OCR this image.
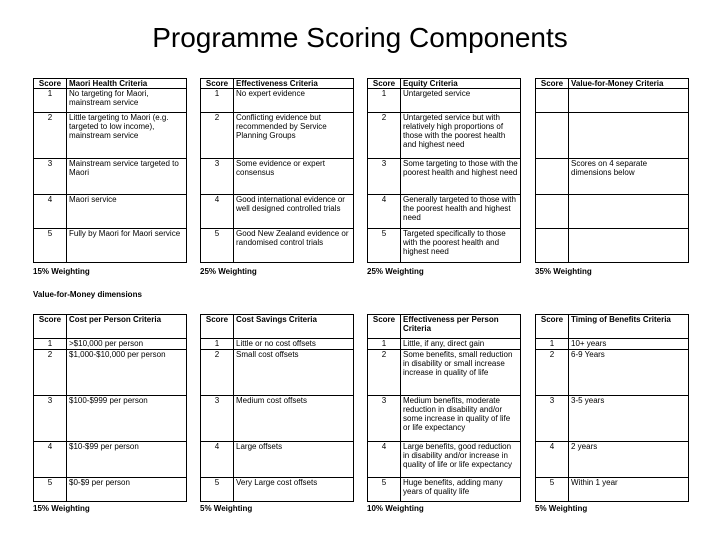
Programme Scoring Components
Score	Maori Health Criteria
1	No targeting for Maori, mainstream service
2	Little targeting to Maori (e.g. targeted to low income), mainstream service
3	Mainstream service targeted to Maori
4	Maori service
5	Fully by Maori for Maori service
15% Weighting
Score	Effectiveness Criteria
1	No expert evidence
2	Conflicting evidence but recommended by Service Planning Groups
3	Some evidence or expert consensus
4	Good international evidence or well designed controlled trials
5	Good New Zealand evidence or randomised control trials
25% Weighting
Score	Equity Criteria
1	Untargeted service
2	Untargeted service but with relatively high proportions of those with the poorest health and highest need
3	Some targeting to those with the poorest health and highest need
4	Generally targeted to those with the poorest health and highest need
5	Targeted specifically to those with the poorest health and highest need
25% Weighting
Score	Value-for-Money Criteria

	Scores on 4 separate dimensions below

35% Weighting
Value-for-Money dimensions
Score	Cost per Person Criteria
1	>$10,000 per person
2	$1,000-$10,000 per person
3	$100-$999 per person
4	$10-$99 per person
5	$0-$9 per person
15% Weighting
Score	Cost Savings Criteria
1	Little or no cost offsets
2	Small cost offsets
3	Medium cost offsets
4	Large offsets
5	Very Large cost offsets
5% Weighting
Score	Effectiveness per Person Criteria
1	Little, if any, direct gain
2	Some benefits, small reduction in disability or small increase increase in quality of life
3	Medium benefits, moderate reduction in disability and/or some increase in quality of life or life expectancy
4	Large benefits, good reduction in disability and/or increase in quality of life or life expectancy
5	Huge benefits, adding many years of quality life
10% Weighting
Score	Timing of Benefits Criteria
1	10+ years
2	6-9 Years
3	3-5 years
4	2 years
5	Within 1 year
5% Weighting
